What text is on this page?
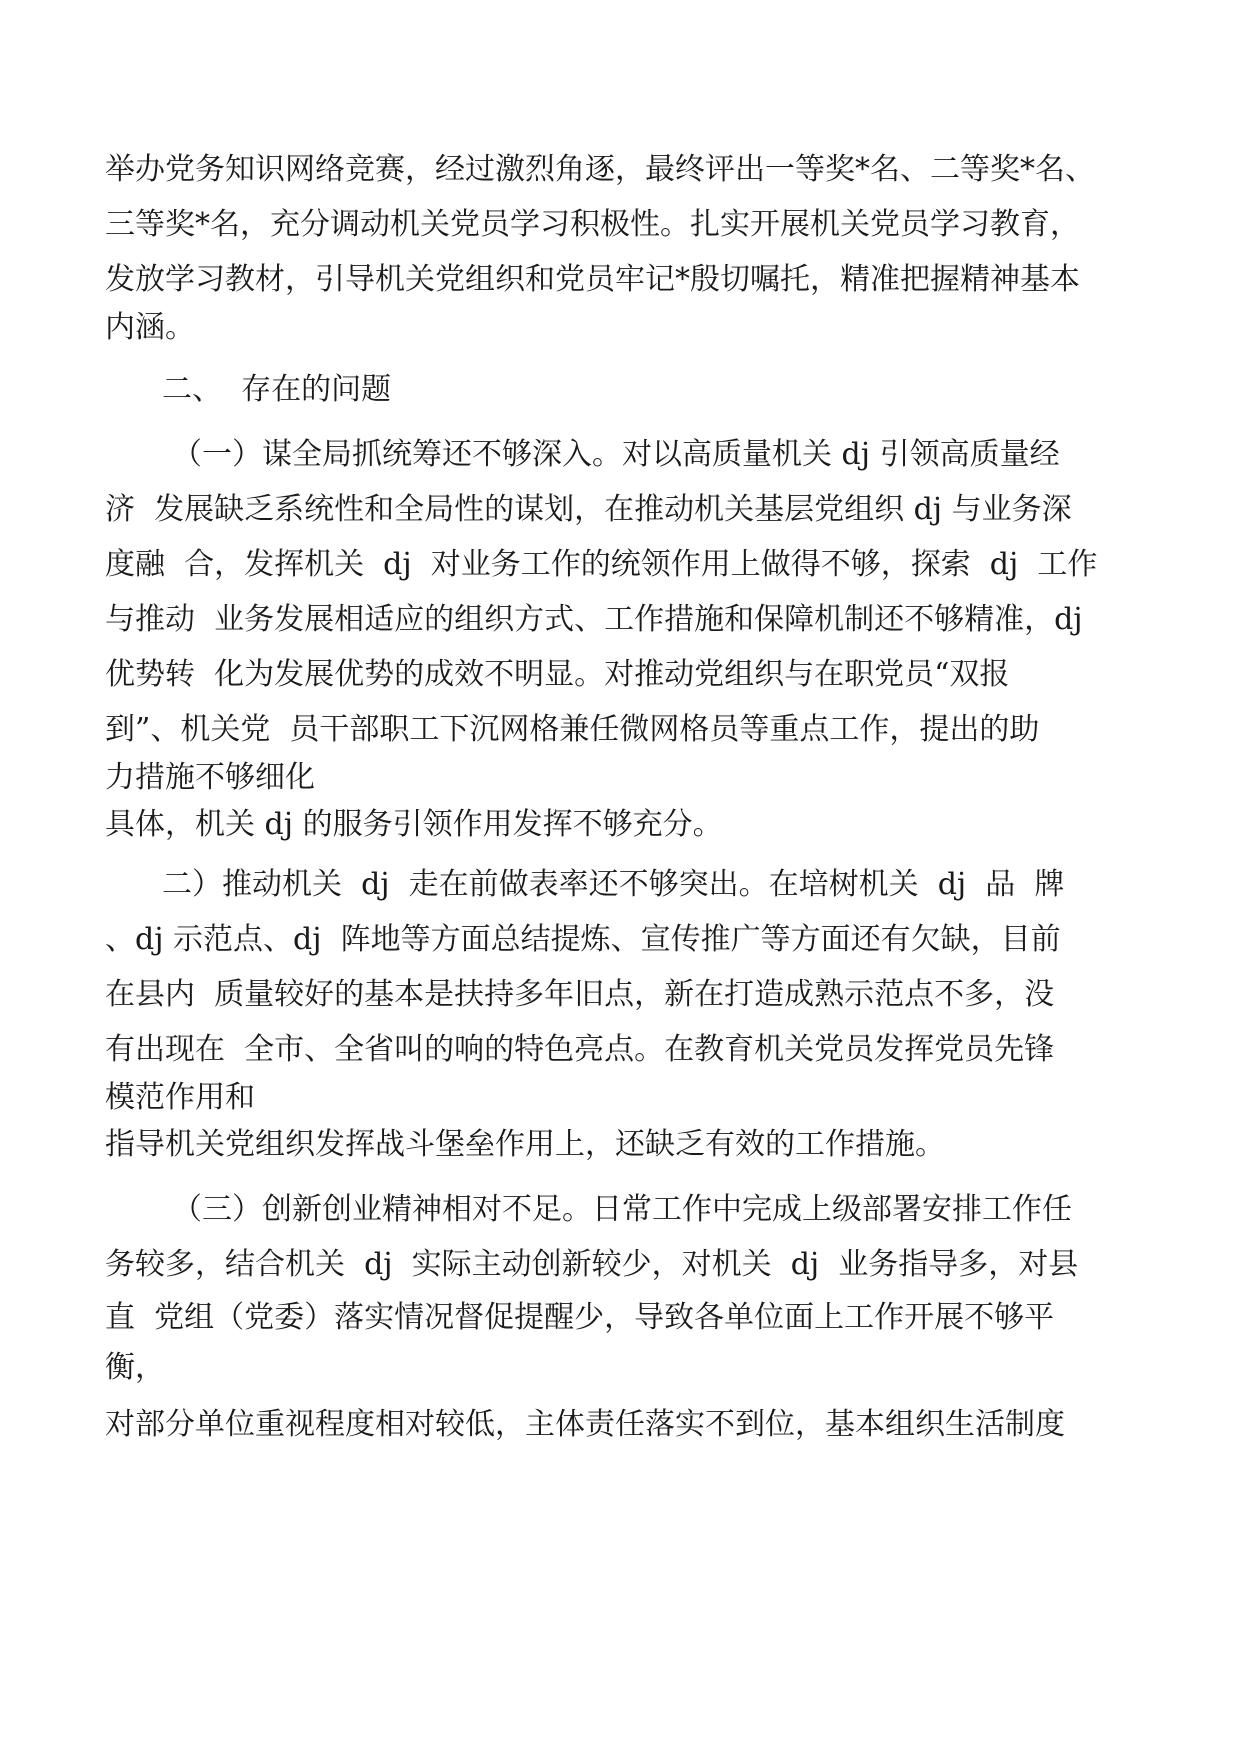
举办党务知识网络竞赛，经过激烈角逐，最终评出一等奖*名、二等奖*名、
三等奖*名，充分调动机关党员学习积极性。扎实开展机关党员学习教育，
发放学习教材，引导机关党组织和党员牢记*殷切嘱托，精准把握精神基本
内涵。
二、  存在的问题
（一）谋全局抓统筹还不够深入。对以高质量机关 dj 引领高质量经
济  发展缺乏系统性和全局性的谋划，在推动机关基层党组织 dj 与业务深
度融  合，发挥机关  dj  对业务工作的统领作用上做得不够，探索  dj  工作
与推动  业务发展相适应的组织方式、工作措施和保障机制还不够精准，dj
优势转  化为发展优势的成效不明显。对推动党组织与在职党员“双报
到”、机关党  员干部职工下沉网格兼任微网格员等重点工作，提出的助
力措施不够细化
具体，机关 dj 的服务引领作用发挥不够充分。
二）推动机关  dj  走在前做表率还不够突出。在培树机关  dj  品  牌
、dj 示范点、dj  阵地等方面总结提炼、宣传推广等方面还有欠缺，目前
在县内  质量较好的基本是扶持多年旧点，新在打造成熟示范点不多，没
有出现在  全市、全省叫的响的特色亮点。在教育机关党员发挥党员先锋
模范作用和
指导机关党组织发挥战斗堡垒作用上，还缺乏有效的工作措施。
（三）创新创业精神相对不足。日常工作中完成上级部署安排工作任
务较多，结合机关  dj  实际主动创新较少，对机关  dj  业务指导多，对县
直  党组（党委）落实情况督促提醒少，导致各单位面上工作开展不够平
衡，
对部分单位重视程度相对较低，主体责任落实不到位，基本组织生活制度
